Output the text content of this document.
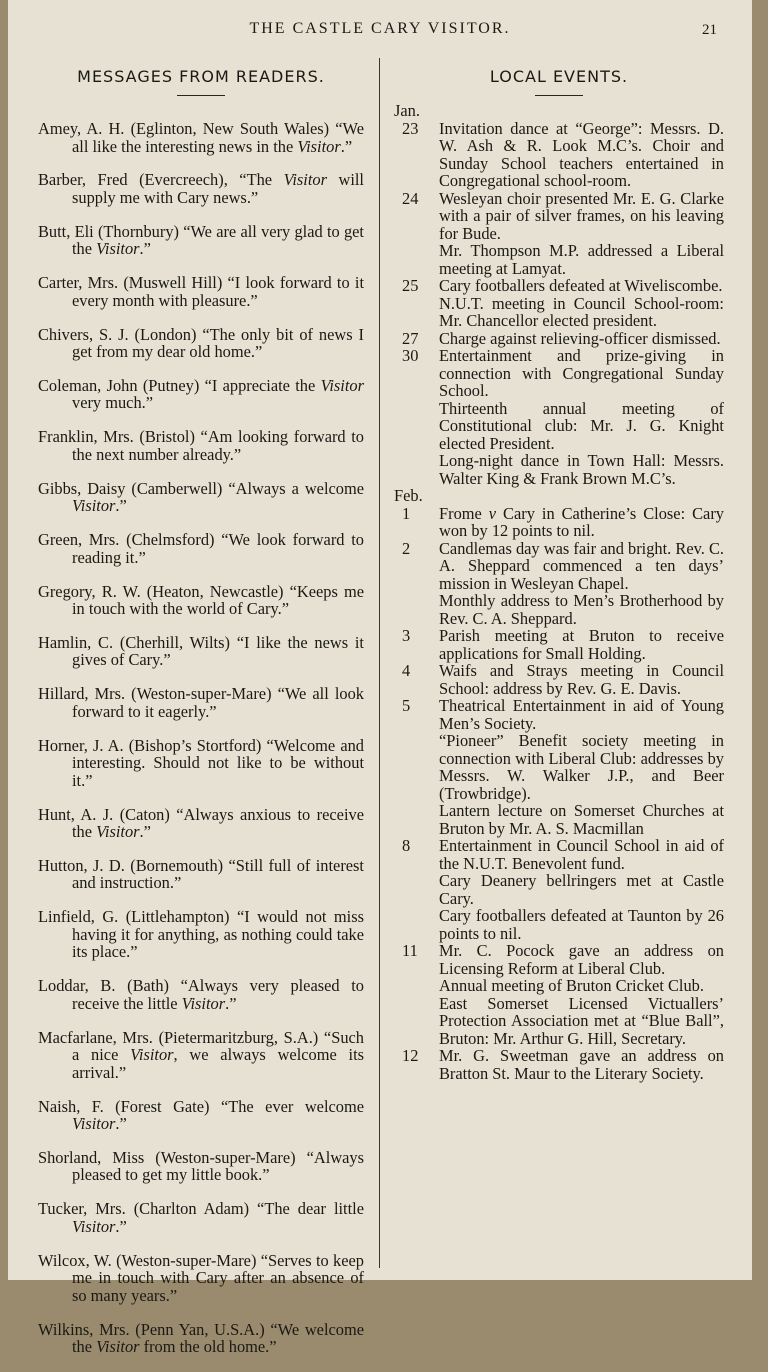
THE CASTLE CARY VISITOR.	21
MESSAGES FROM READERS.

Amey, A. H. (Eglinton, New South Wales) “We all like the interesting news in the Visitor.”

Barber, Fred (Evercreech), “The Visitor will supply me with Cary news.”

Butt, Eli (Thornbury) “We are all very glad to get the Visitor.”

Carter, Mrs. (Muswell Hill) “I look forward to it every month with pleasure.”

Chivers, S. J. (London) “The only bit of news I get from my dear old home.”

Coleman, John (Putney) “I appreciate the Visitor very much.”

Franklin, Mrs. (Bristol) “Am looking forward to the next number already.”

Gibbs, Daisy (Camberwell) “Always a welcome Visitor.”

Green, Mrs. (Chelmsford) “We look forward to reading it.”

Gregory, R. W. (Heaton, Newcastle) “Keeps me in touch with the world of Cary.”

Hamlin, C. (Cherhill, Wilts) “I like the news it gives of Cary.”

Hillard, Mrs. (Weston-super-Mare) “We all look forward to it eagerly.”

Horner, J. A. (Bishop’s Stortford) “Welcome and interesting. Should not like to be without it.”

Hunt, A. J. (Caton) “Always anxious to receive the Visitor.”

Hutton, J. D. (Bornemouth) “Still full of interest and instruction.”

Linfield, G. (Littlehampton) “I would not miss having it for anything, as nothing could take its place.”

Loddar, B. (Bath) “Always very pleased to receive the little Visitor.”

Macfarlane, Mrs. (Pietermaritzburg, S.A.) “Such a nice Visitor, we always welcome its arrival.”

Naish, F. (Forest Gate) “The ever welcome Visitor.”

Shorland, Miss (Weston-super-Mare) “Always pleased to get my little book.”

Tucker, Mrs. (Charlton Adam) “The dear little Visitor.”

Wilcox, W. (Weston-super-Mare) “Serves to keep me in touch with Cary after an absence of so many years.”

Wilkins, Mrs. (Penn Yan, U.S.A.) “We welcome the Visitor from the old home.”

LOCAL EVENTS.
Jan.
23 Invitation dance at “George”: Messrs. D. W. Ash & R. Look M.C’s. Choir and Sunday School teachers entertained in Congregational school-room.
24 Wesleyan choir presented Mr. E. G. Clarke with a pair of silver frames, on his leaving for Bude.
Mr. Thompson M.P. addressed a Liberal meeting at Lamyat.
25 Cary footballers defeated at Wiveliscombe.
N.U.T. meeting in Council School-room: Mr. Chancellor elected president.
27 Charge against relieving-officer dismissed.
30 Entertainment and prize-giving in connection with Congregational Sunday School.
Thirteenth annual meeting of Constitutional club: Mr. J. G. Knight elected President.
Long-night dance in Town Hall: Messrs. Walter King & Frank Brown M.C’s.
Feb.
1 Frome v Cary in Catherine’s Close: Cary won by 12 points to nil.
2 Candlemas day was fair and bright. Rev. C. A. Sheppard commenced a ten days’ mission in Wesleyan Chapel.
Monthly address to Men’s Brotherhood by Rev. C. A. Sheppard.
3 Parish meeting at Bruton to receive applications for Small Holding.
4 Waifs and Strays meeting in Council School: address by Rev. G. E. Davis.
5 Theatrical Entertainment in aid of Young Men’s Society.
“Pioneer” Benefit society meeting in connection with Liberal Club: addresses by Messrs. W. Walker J.P., and Beer (Trowbridge).
Lantern lecture on Somerset Churches at Bruton by Mr. A. S. Macmillan
8 Entertainment in Council School in aid of the N.U.T. Benevolent fund.
Cary Deanery bellringers met at Castle Cary.
Cary footballers defeated at Taunton by 26 points to nil.
11 Mr. C. Pocock gave an address on Licensing Reform at Liberal Club.
Annual meeting of Bruton Cricket Club.
East Somerset Licensed Victuallers’ Protection Association met at “Blue Ball”, Bruton: Mr. Arthur G. Hill, Secretary.
12 Mr. G. Sweetman gave an address on Bratton St. Maur to the Literary Society.
